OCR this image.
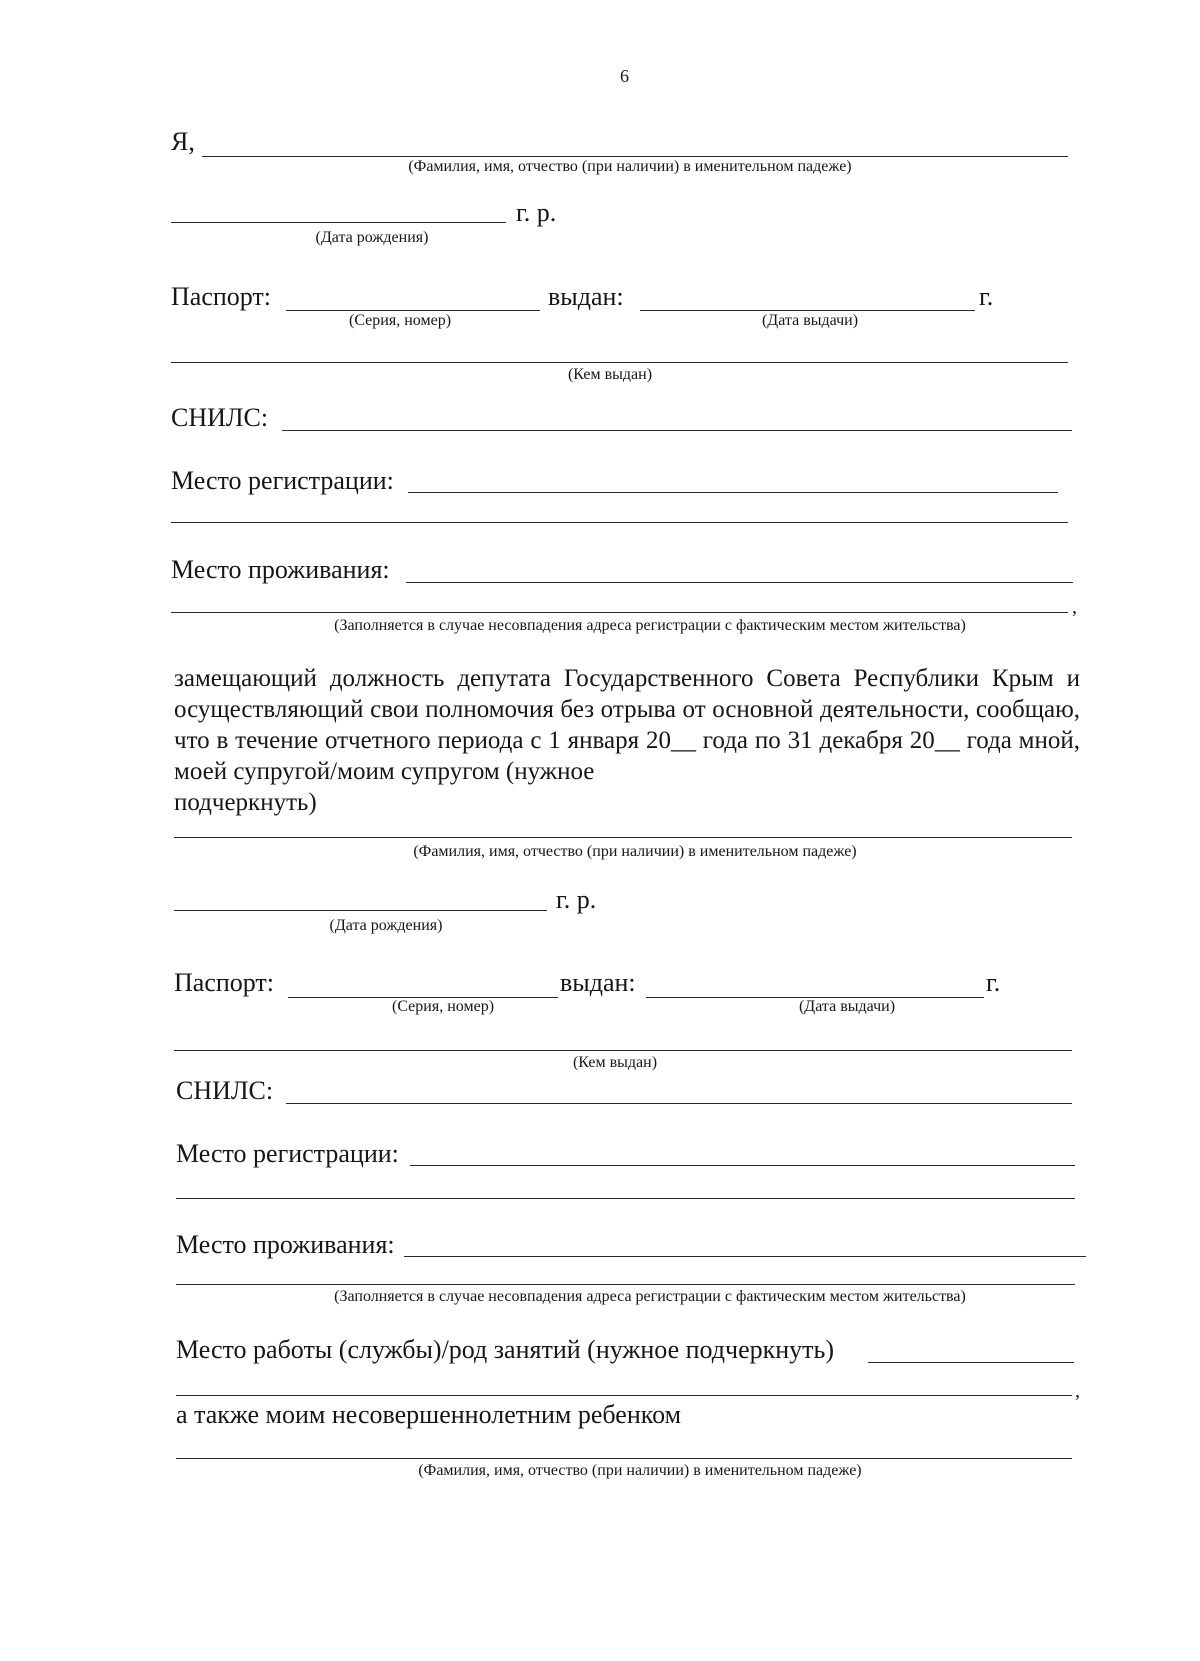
6
Я,
(Фамилия, имя, отчество (при наличии) в именительном падеже)
г. р.
(Дата рождения)
Паспорт:	выдан:	г.
(Серия, номер)	(Дата выдачи)
(Кем выдан)
СНИЛС:
Место регистрации:
Место проживания:
,
(Заполняется в случае несовпадения адреса регистрации с фактическим местом жительства)
замещающий должность депутата Государственного Совета Республики Крым и осуществляющий свои полномочия без отрыва от основной деятельности, сообщаю, что в течение отчетного периода с 1 января 20__ года по 31 декабря 20__ года мной, моей супругой/моим супругом (нужное
подчеркнуть)
(Фамилия, имя, отчество (при наличии) в именительном падеже)
г. р.
(Дата рождения)
Паспорт:	выдан:	г.
(Серия, номер)	(Дата выдачи)
(Кем выдан)
СНИЛС:
Место регистрации:
Место проживания:
(Заполняется в случае несовпадения адреса регистрации с фактическим местом жительства)
Место работы (службы)/род занятий (нужное подчеркнуть)
,
а также моим несовершеннолетним ребенком
(Фамилия, имя, отчество (при наличии) в именительном падеже)
